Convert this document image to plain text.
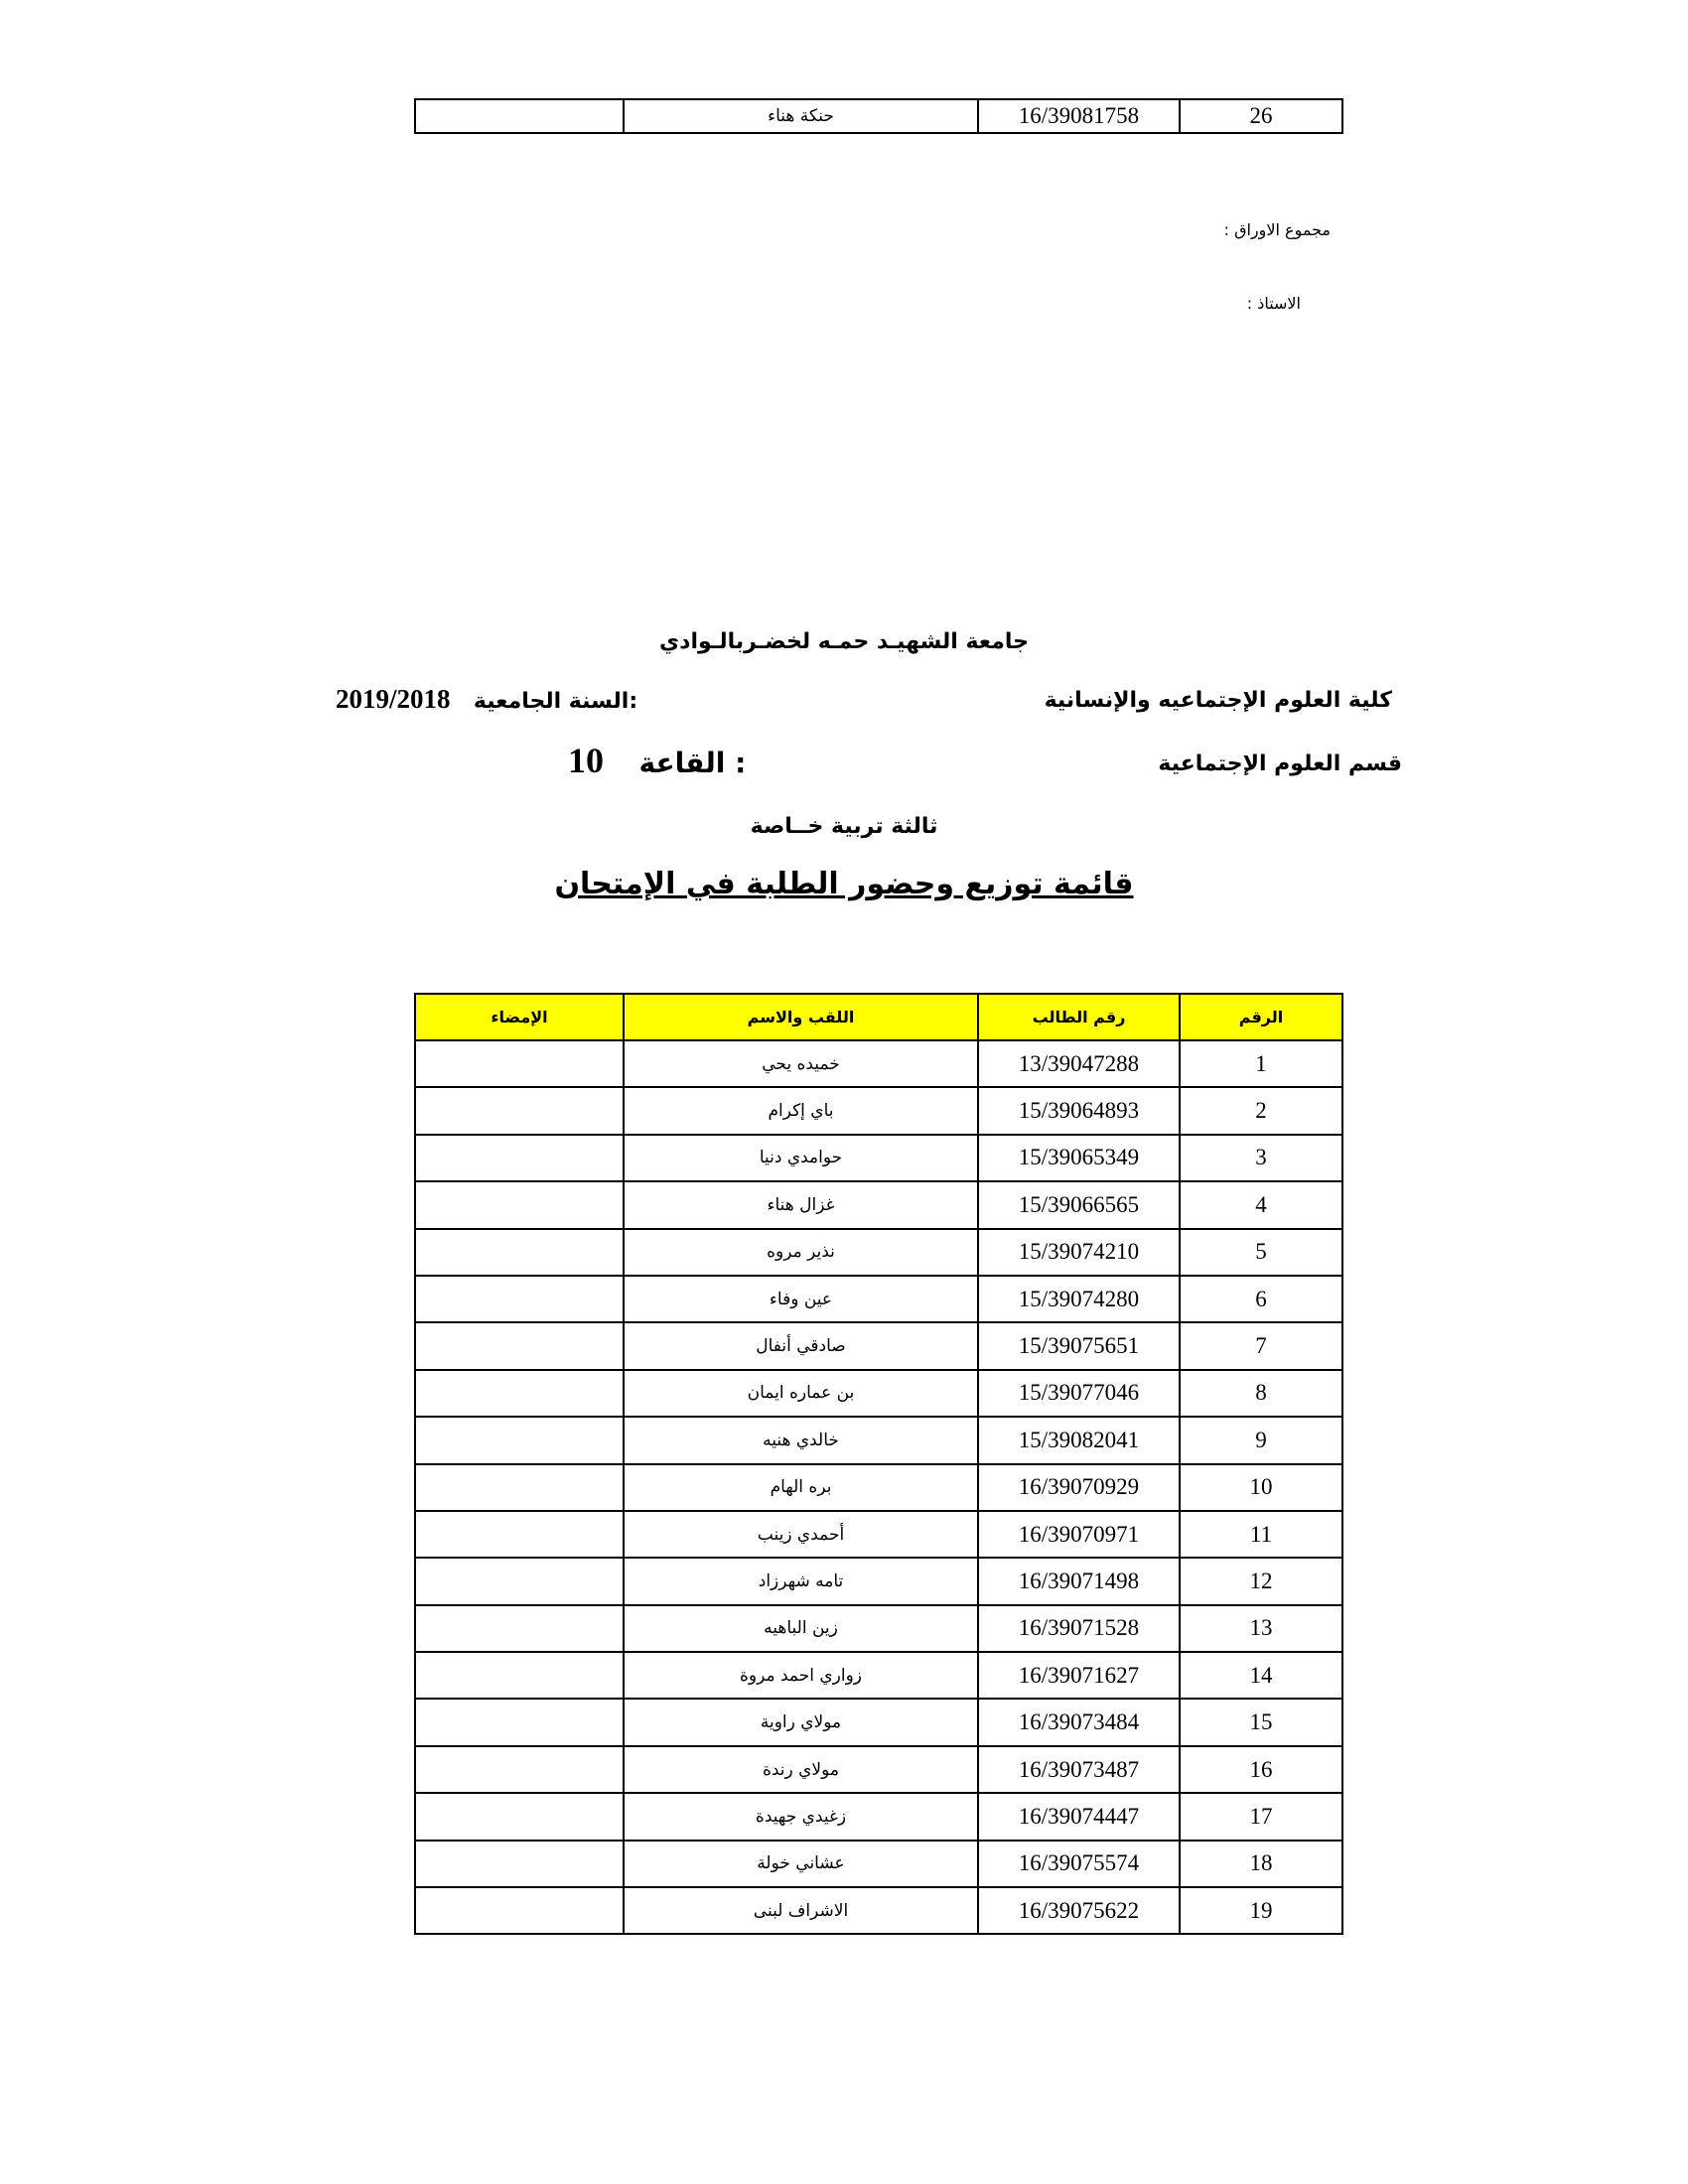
	حنكة هناء	16/39081758	26
مجموع الاوراق :
الاستاذ :
جامعة الشهيـد حمـه لخضـربالـوادي
كلية العلوم الإجتماعيه والإنسانية
2019/2018 السنة الجامعية:
قسم العلوم الإجتماعية
10 القاعة :
ثالثة تربية خــاصة
قائمة توزيع وحضور الطلبة في الإمتحان
الإمضاء	اللقب والاسم	رقم الطالب	الرقم
	خميده يحي	13/39047288	1
	باي إكرام	15/39064893	2
	حوامدي دنيا	15/39065349	3
	غزال هناء	15/39066565	4
	نذير مروه	15/39074210	5
	عين وفاء	15/39074280	6
	صادقي أنفال	15/39075651	7
	بن عماره ايمان	15/39077046	8
	خالدي هنيه	15/39082041	9
	بره الهام	16/39070929	10
	أحمدي زينب	16/39070971	11
	تامه شهرزاد	16/39071498	12
	زين الباهيه	16/39071528	13
	زواري احمد مروة	16/39071627	14
	مولاي راوية	16/39073484	15
	مولاي رندة	16/39073487	16
	زغيدي جهيدة	16/39074447	17
	عشاني خولة	16/39075574	18
	الاشراف لبنى	16/39075622	19
